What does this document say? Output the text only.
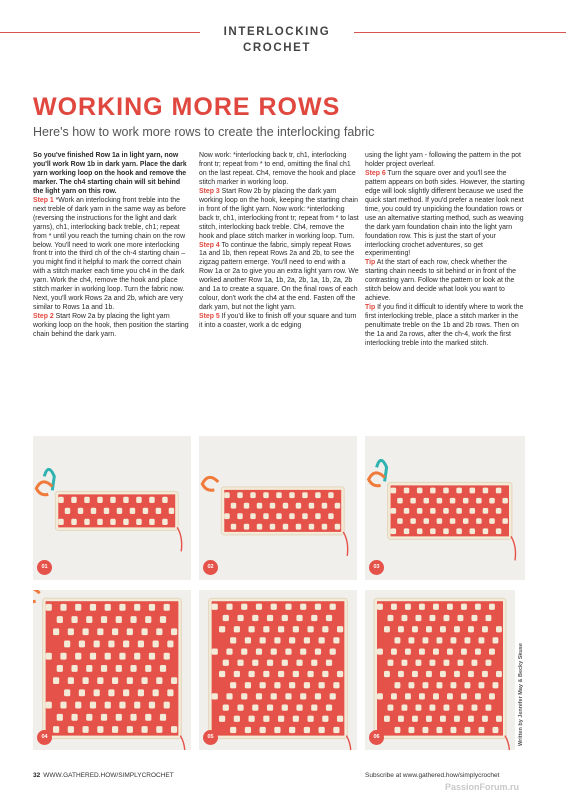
INTERLOCKING CROCHET
WORKING MORE ROWS
Here's how to work more rows to create the interlocking fabric

So you've finished Row 1a in light yarn, now you'll work Row 1b in dark yarn. Place the dark yarn working loop on the hook and remove the marker. The ch4 starting chain will sit behind the light yarn on this row.

Step 1 *Work an interlocking front treble into the next treble of dark yarn in the same way as before (reversing the instructions for the light and dark yarns), ch1, interlocking back treble, ch1; repeat from * until you reach the turning chain on the row below. You'll need to work one more interlocking front tr into the third ch of the ch-4 starting chain – you might find it helpful to mark the correct chain with a stitch marker each time you ch4 in the dark yarn. Work the ch4, remove the hook and place stitch marker in working loop. Turn the fabric now. Next, you'll work Rows 2a and 2b, which are very similar to Rows 1a and 1b.

Step 2 Start Row 2a by placing the light yarn working loop on the hook, then position the starting chain behind the dark yarn.

Now work: *interlocking back tr, ch1, interlocking front tr; repeat from * to end, omitting the final ch1 on the last repeat. Ch4, remove the hook and place stitch marker in working loop.

Step 3 Start Row 2b by placing the dark yarn working loop on the hook, keeping the starting chain in front of the light yarn. Now work: *interlocking back tr, ch1, interlocking front tr; repeat from * to last stitch, interlocking back treble. Ch4, remove the hook and place stitch marker in working loop. Turn.

Step 4 To continue the fabric, simply repeat Rows 1a and 1b, then repeat Rows 2a and 2b, to see the zigzag pattern emerge. You'll need to end with a Row 1a or 2a to give you an extra light yarn row. We worked another Row 1a, 1b, 2a, 2b, 1a, 1b, 2a, 2b and 1a to create a square. On the final rows of each colour, don't work the ch4 at the end. Fasten off the dark yarn, but not the light yarn.

Step 5 If you'd like to finish off your square and turn it into a coaster, work a dc edging

using the light yarn - following the pattern in the pot holder project overleaf.

Step 6 Turn the square over and you'll see the pattern appears on both sides. However, the starting edge will look slightly different because we used the quick start method. If you'd prefer a neater look next time, you could try unpicking the foundation rows or use an alternative starting method, such as weaving the dark yarn foundation chain into the light yarn foundation row. This is just the start of your interlocking crochet adventures, so get experimenting!

Tip At the start of each row, check whether the starting chain needs to sit behind or in front of the contrasting yarn. Follow the pattern or look at the stitch below and decide what look you want to achieve.

Tip If you find it difficult to identify where to work the first interlocking treble, place a stitch marker in the penultimate treble on the 1b and 2b rows. Then on the 1a and 2a rows, after the ch-4, work the first interlocking treble into the marked stitch.

01	02	03
04	05	06	Written by Jennifer May & Becky Skuse
32 WWW.GATHERED.HOW/SIMPLYCROCHET	Subscribe at www.gathered.how/simplycrochet
PassionForum.ru
